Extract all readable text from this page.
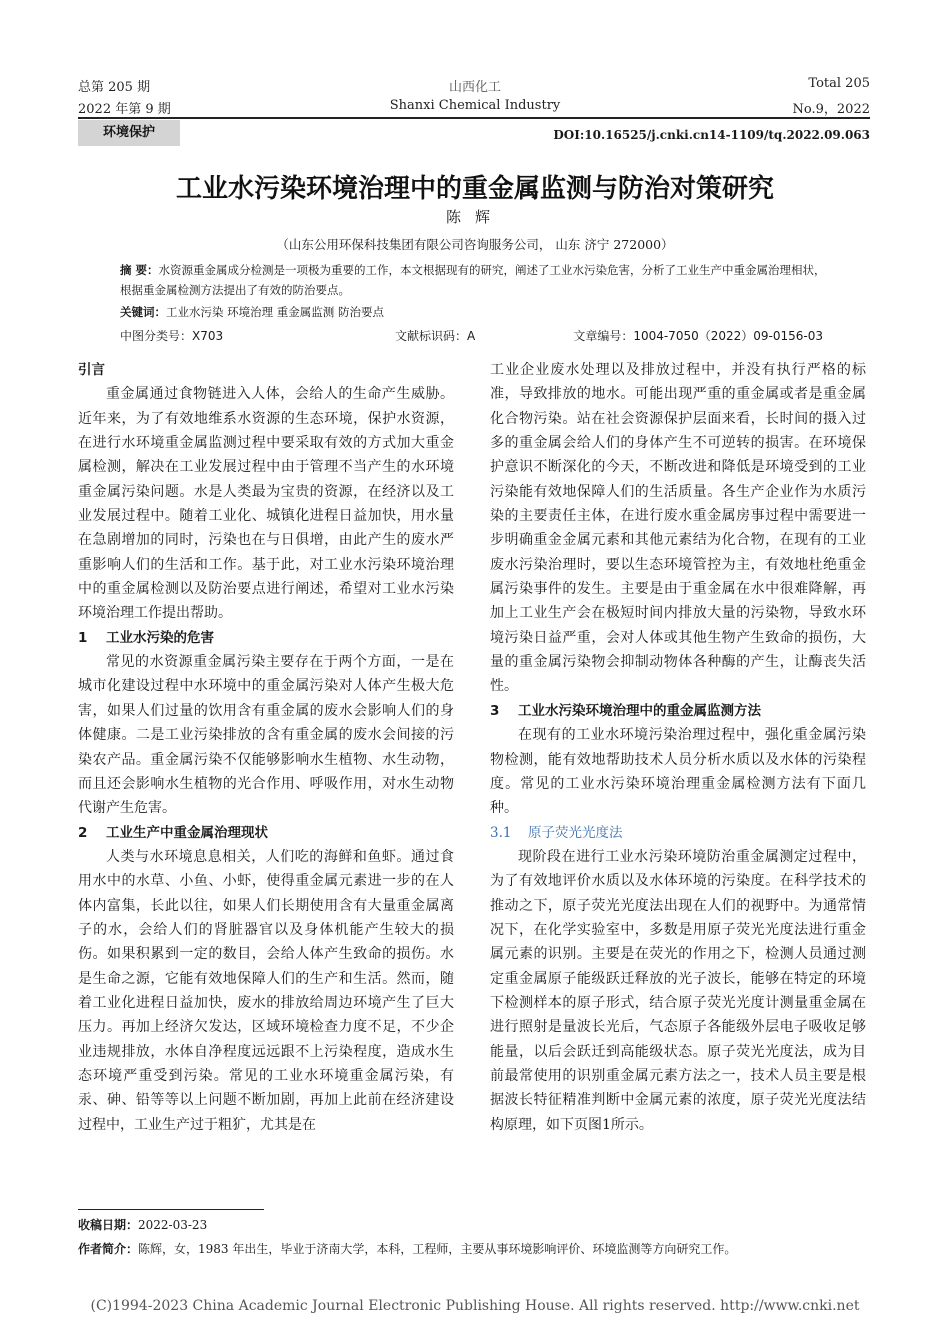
总第 205 期
2022 年第 9 期
山西化工
Shanxi Chemical Industry
Total 205
No.9，2022
环境保护	DOI:10.16525/j.cnki.cn14-1109/tq.2022.09.063
工业水污染环境治理中的重金属监测与防治对策研究
陈辉
（山东公用环保科技集团有限公司咨询服务公司， 山东 济宁 272000）
摘 要：水资源重金属成分检测是一项极为重要的工作，本文根据现有的研究，阐述了工业水污染危害，分析了工业生产中重金属治理相状，根据重金属检测方法提出了有效的防治要点。
关键词：工业水污染 环境治理 重金属监测 防治要点
中图分类号：X703	文献标识码：A	文章编号：1004-7050（2022）09-0156-03
引言

重金属通过食物链进入人体，会给人的生命产生威胁。近年来，为了有效地维系水资源的生态环境，保护水资源，在进行水环境重金属监测过程中要采取有效的方式加大重金属检测，解决在工业发展过程中由于管理不当产生的水环境重金属污染问题。水是人类最为宝贵的资源，在经济以及工业发展过程中。随着工业化、城镇化进程日益加快，用水量在急剧增加的同时，污染也在与日俱增，由此产生的废水严重影响人们的生活和工作。基于此，对工业水污染环境治理中的重金属检测以及防治要点进行阐述，希望对工业水污染环境治理工作提出帮助。

1 工业水污染的危害

常见的水资源重金属污染主要存在于两个方面，一是在城市化建设过程中水环境中的重金属污染对人体产生极大危害，如果人们过量的饮用含有重金属的废水会影响人们的身体健康。二是工业污染排放的含有重金属的废水会间接的污染农产品。重金属污染不仅能够影响水生植物、水生动物，而且还会影响水生植物的光合作用、呼吸作用，对水生动物代谢产生危害。

2 工业生产中重金属治理现状

人类与水环境息息相关，人们吃的海鲜和鱼虾。通过食用水中的水草、小鱼、小虾，使得重金属元素进一步的在人体内富集，长此以往，如果人们长期使用含有大量重金属离子的水，会给人们的肾脏器官以及身体机能产生较大的损伤。如果积累到一定的数目，会给人体产生致命的损伤。水是生命之源，它能有效地保障人们的生产和生活。然而，随着工业化进程日益加快，废水的排放给周边环境产生了巨大压力。再加上经济欠发达，区域环境检查力度不足，不少企业违规排放，水体自净程度远远跟不上污染程度，造成水生态环境严重受到污染。常见的工业水环境重金属污染，有汞、砷、铅等等以上问题不断加剧，再加上此前在经济建设过程中，工业生产过于粗犷，尤其是在

工业企业废水处理以及排放过程中，并没有执行严格的标准，导致排放的地水。可能出现严重的重金属或者是重金属化合物污染。站在社会资源保护层面来看，长时间的摄入过多的重金属会给人们的身体产生不可逆转的损害。在环境保护意识不断深化的今天，不断改进和降低是环境受到的工业污染能有效地保障人们的生活质量。各生产企业作为水质污染的主要责任主体，在进行废水重金属房事过程中需要进一步明确重金金属元素和其他元素结为化合物，在现有的工业废水污染治理时，要以生态环境管控为主，有效地杜绝重金属污染事件的发生。主要是由于重金属在水中很难降解，再加上工业生产会在极短时间内排放大量的污染物，导致水环境污染日益严重，会对人体或其他生物产生致命的损伤，大量的重金属污染物会抑制动物体各种酶的产生，让酶丧失活性。

3 工业水污染环境治理中的重金属监测方法

在现有的工业水环境污染治理过程中，强化重金属污染物检测，能有效地帮助技术人员分析水质以及水体的污染程度。常见的工业水污染环境治理重金属检测方法有下面几种。

3.1 原子荧光光度法

现阶段在进行工业水污染环境防治重金属测定过程中，为了有效地评价水质以及水体环境的污染度。在科学技术的推动之下，原子荧光光度法出现在人们的视野中。为通常情况下，在化学实验室中，多数是用原子荧光光度法进行重金属元素的识别。主要是在荧光的作用之下，检测人员通过测定重金属原子能级跃迁释放的光子波长，能够在特定的环境下检测样本的原子形式，结合原子荧光光度计测量重金属在进行照射是量波长光后，气态原子各能级外层电子吸收足够能量，以后会跃迁到高能级状态。原子荧光光度法，成为目前最常使用的识别重金属元素方法之一，技术人员主要是根据波长特征精准判断中金属元素的浓度，原子荧光光度法结构原理，如下页图1所示。

收稿日期：2022-03-23
作者简介：陈辉，女，1983 年出生，毕业于济南大学，本科，工程师，主要从事环境影响评价、环境监测等方向研究工作。
(C)1994-2023 China Academic Journal Electronic Publishing House. All rights reserved. http://www.cnki.net
